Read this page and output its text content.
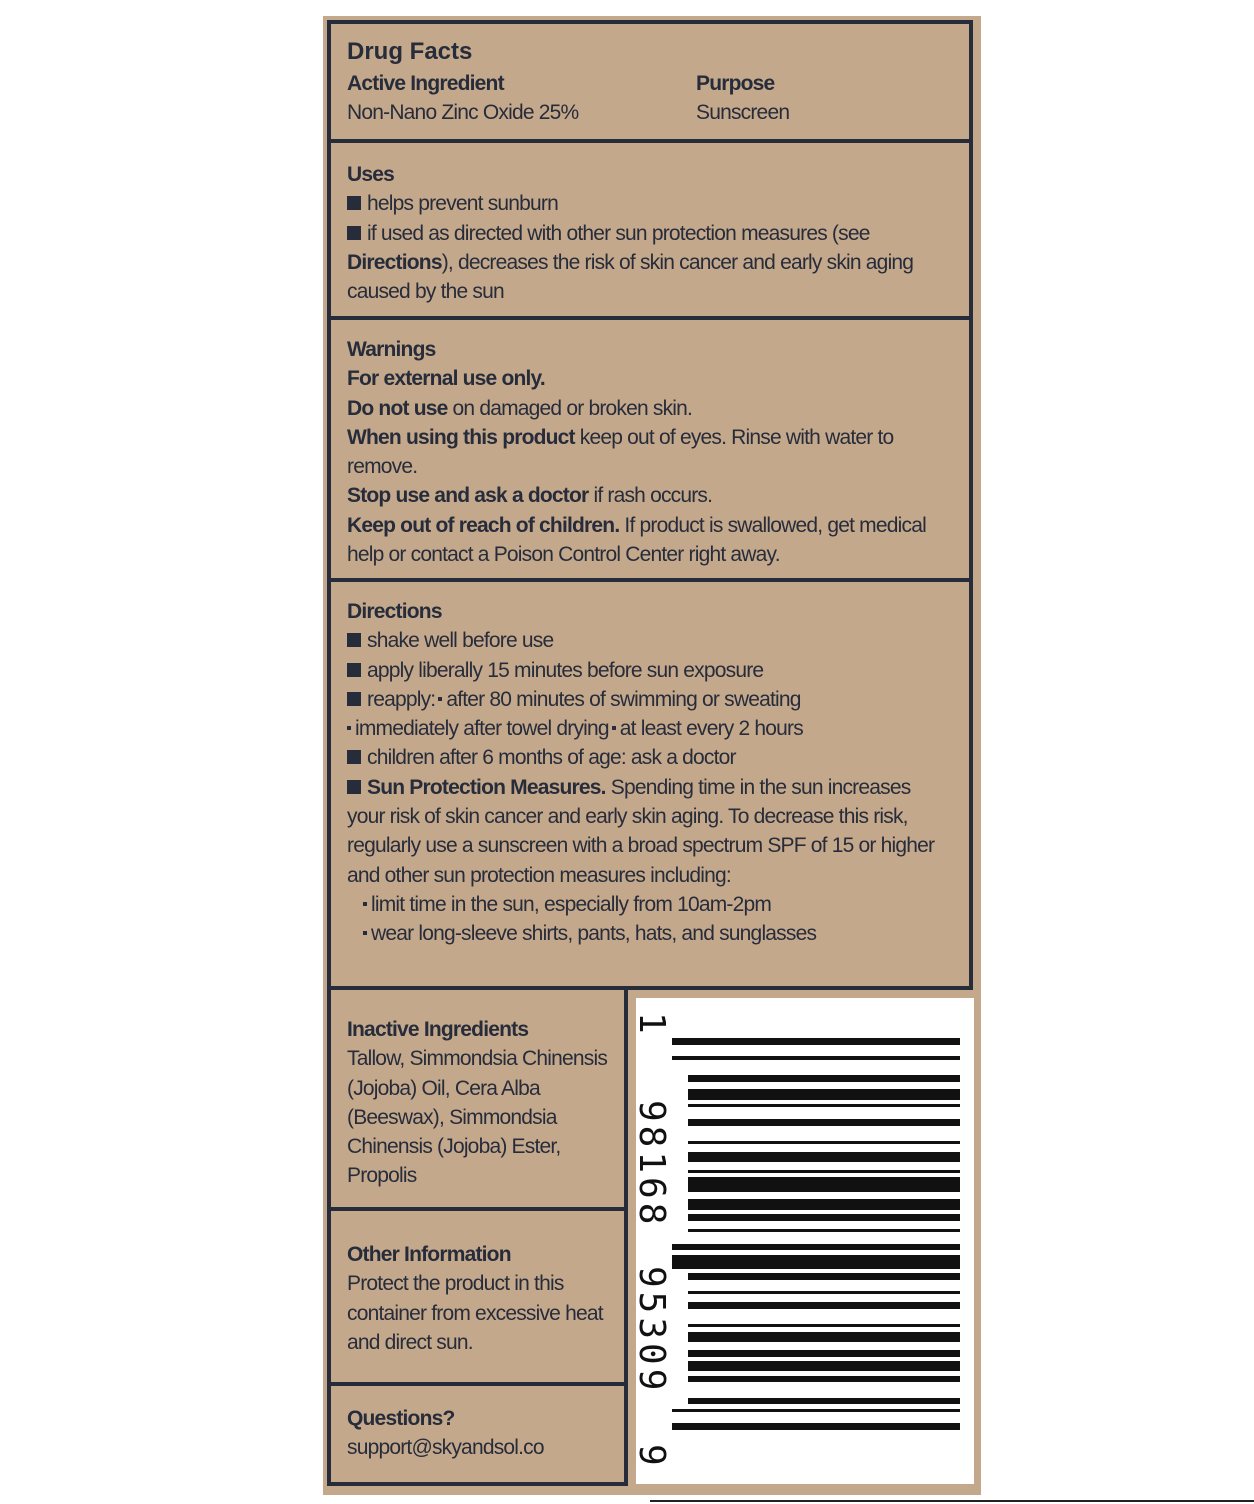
Drug Facts
Active Ingredient
Non-Nano Zinc Oxide 25%
Purpose
Sunscreen
Uses
helps prevent sunburn
if used as directed with other sun protection measures (see Directions), decreases the risk of skin cancer and early skin aging caused by the sun
Warnings
For external use only.
Do not use on damaged or broken skin.
When using this product keep out of eyes. Rinse with water to remove.
Stop use and ask a doctor if rash occurs.
Keep out of reach of children. If product is swallowed, get medical help or contact a Poison Control Center right away.
Directions
shake well before use
apply liberally 15 minutes before sun exposure
reapply: after 80 minutes of swimming or sweating
immediately after towel drying at least every 2 hours
children after 6 months of age: ask a doctor
Sun Protection Measures. Spending time in the sun increases your risk of skin cancer and early skin aging. To decrease this risk, regularly use a sunscreen with a broad spectrum SPF of 15 or higher and other sun protection measures including:
limit time in the sun, especially from 10am-2pm
wear long-sleeve shirts, pants, hats, and sunglasses
Inactive Ingredients
Tallow, Simmondsia Chinensis (Jojoba) Oil, Cera Alba (Beeswax), Simmondsia Chinensis (Jojoba) Ester, Propolis
Other Information
Protect the product in this container from excessive heat and direct sun.
Questions?
support@skyandsol.co
1
98168
95309
9
